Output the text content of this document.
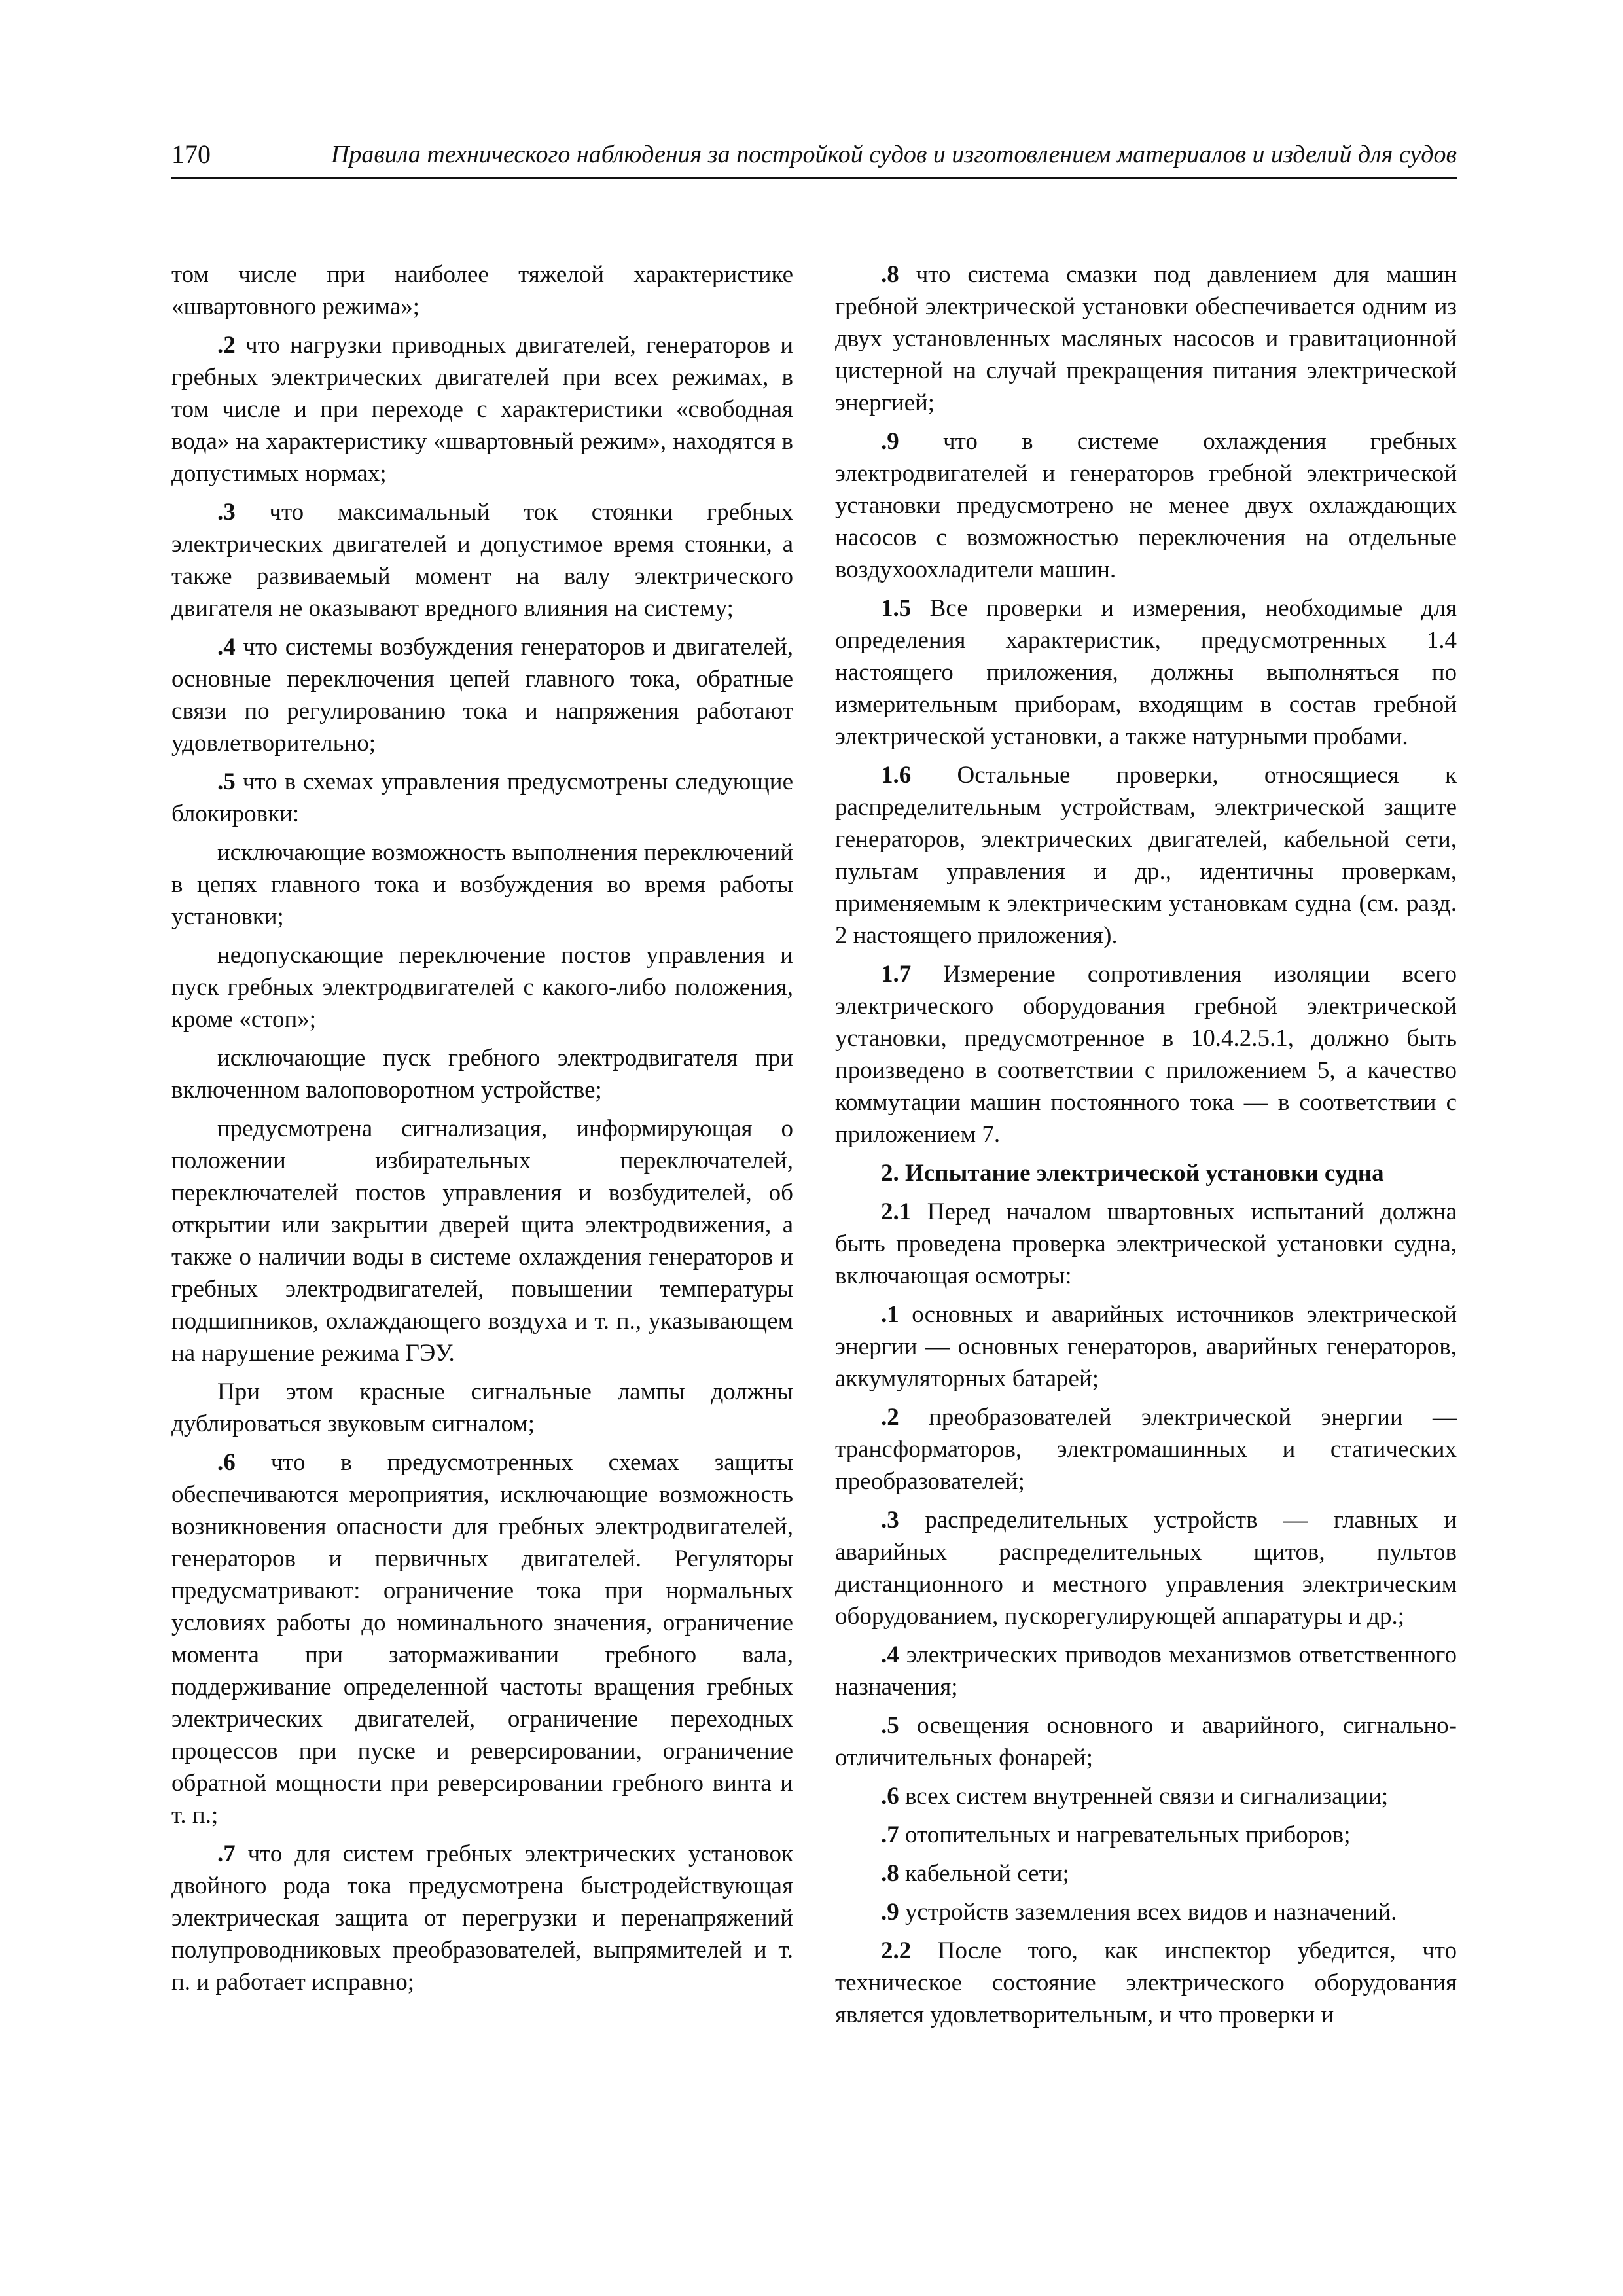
170	Правила технического наблюдения за постройкой судов и изготовлением материалов и изделий для судов

том числе при наиболее тяжелой характеристике «швартовного режима»;

.2 что нагрузки приводных двигателей, генераторов и гребных электрических двигателей при всех режимах, в том числе и при переходе с характеристики «свободная вода» на характеристику «швартовный режим», находятся в допустимых нормах;

.3 что максимальный ток стоянки гребных электрических двигателей и допустимое время стоянки, а также развиваемый момент на валу электрического двигателя не оказывают вредного влияния на систему;

.4 что системы возбуждения генераторов и двигателей, основные переключения цепей главного тока, обратные связи по регулированию тока и напряжения работают удовлетворительно;

.5 что в схемах управления предусмотрены следующие блокировки:

исключающие возможность выполнения переключений в цепях главного тока и возбуждения во время работы установки;

недопускающие переключение постов управления и пуск гребных электродвигателей с какого-либо положения, кроме «стоп»;

исключающие пуск гребного электродвигателя при включенном валоповоротном устройстве;

предусмотрена сигнализация, информирующая о положении избирательных переключателей, переключателей постов управления и возбудителей, об открытии или закрытии дверей щита электродвижения, а также о наличии воды в системе охлаждения генераторов и гребных электродвигателей, повышении температуры подшипников, охлаждающего воздуха и т. п., указывающем на нарушение режима ГЭУ.

При этом красные сигнальные лампы должны дублироваться звуковым сигналом;

.6 что в предусмотренных схемах защиты обеспечиваются мероприятия, исключающие возможность возникновения опасности для гребных электродвигателей, генераторов и первичных двигателей. Регуляторы предусматривают: ограничение тока при нормальных условиях работы до номинального значения, ограничение момента при затормаживании гребного вала, поддерживание определенной частоты вращения гребных электрических двигателей, ограничение переходных процессов при пуске и реверсировании, ограничение обратной мощности при реверсировании гребного винта и т. п.;

.7 что для систем гребных электрических установок двойного рода тока предусмотрена быстродействующая электрическая защита от перегрузки и перенапряжений полупроводниковых преобразователей, выпрямителей и т. п. и работает исправно;

.8 что система смазки под давлением для машин гребной электрической установки обеспечивается одним из двух установленных масляных насосов и гравитационной цистерной на случай прекращения питания электрической энергией;

.9 что в системе охлаждения гребных электродвигателей и генераторов гребной электрической установки предусмотрено не менее двух охлаждающих насосов с возможностью переключения на отдельные воздухоохладители машин.

1.5 Все проверки и измерения, необходимые для определения характеристик, предусмотренных 1.4 настоящего приложения, должны выполняться по измерительным приборам, входящим в состав гребной электрической установки, а также натурными пробами.

1.6 Остальные проверки, относящиеся к распределительным устройствам, электрической защите генераторов, электрических двигателей, кабельной сети, пультам управления и др., идентичны проверкам, применяемым к электрическим установкам судна (см. разд. 2 настоящего приложения).

1.7 Измерение сопротивления изоляции всего электрического оборудования гребной электрической установки, предусмотренное в 10.4.2.5.1, должно быть произведено в соответствии с приложением 5, а качество коммутации машин постоянного тока — в соответствии с приложением 7.

2. Испытание электрической установки судна

2.1 Перед началом швартовных испытаний должна быть проведена проверка электрической установки судна, включающая осмотры:

.1 основных и аварийных источников электрической энергии — основных генераторов, аварийных генераторов, аккумуляторных батарей;

.2 преобразователей электрической энергии — трансформаторов, электромашинных и статических преобразователей;

.3 распределительных устройств — главных и аварийных распределительных щитов, пультов дистанционного и местного управления электрическим оборудованием, пускорегулирующей аппаратуры и др.;

.4 электрических приводов механизмов ответственного назначения;

.5 освещения основного и аварийного, сигнально-отличительных фонарей;

.6 всех систем внутренней связи и сигнализации;

.7 отопительных и нагревательных приборов;

.8 кабельной сети;

.9 устройств заземления всех видов и назначений.

2.2 После того, как инспектор убедится, что техническое состояние электрического оборудования является удовлетворительным, и что проверки и
